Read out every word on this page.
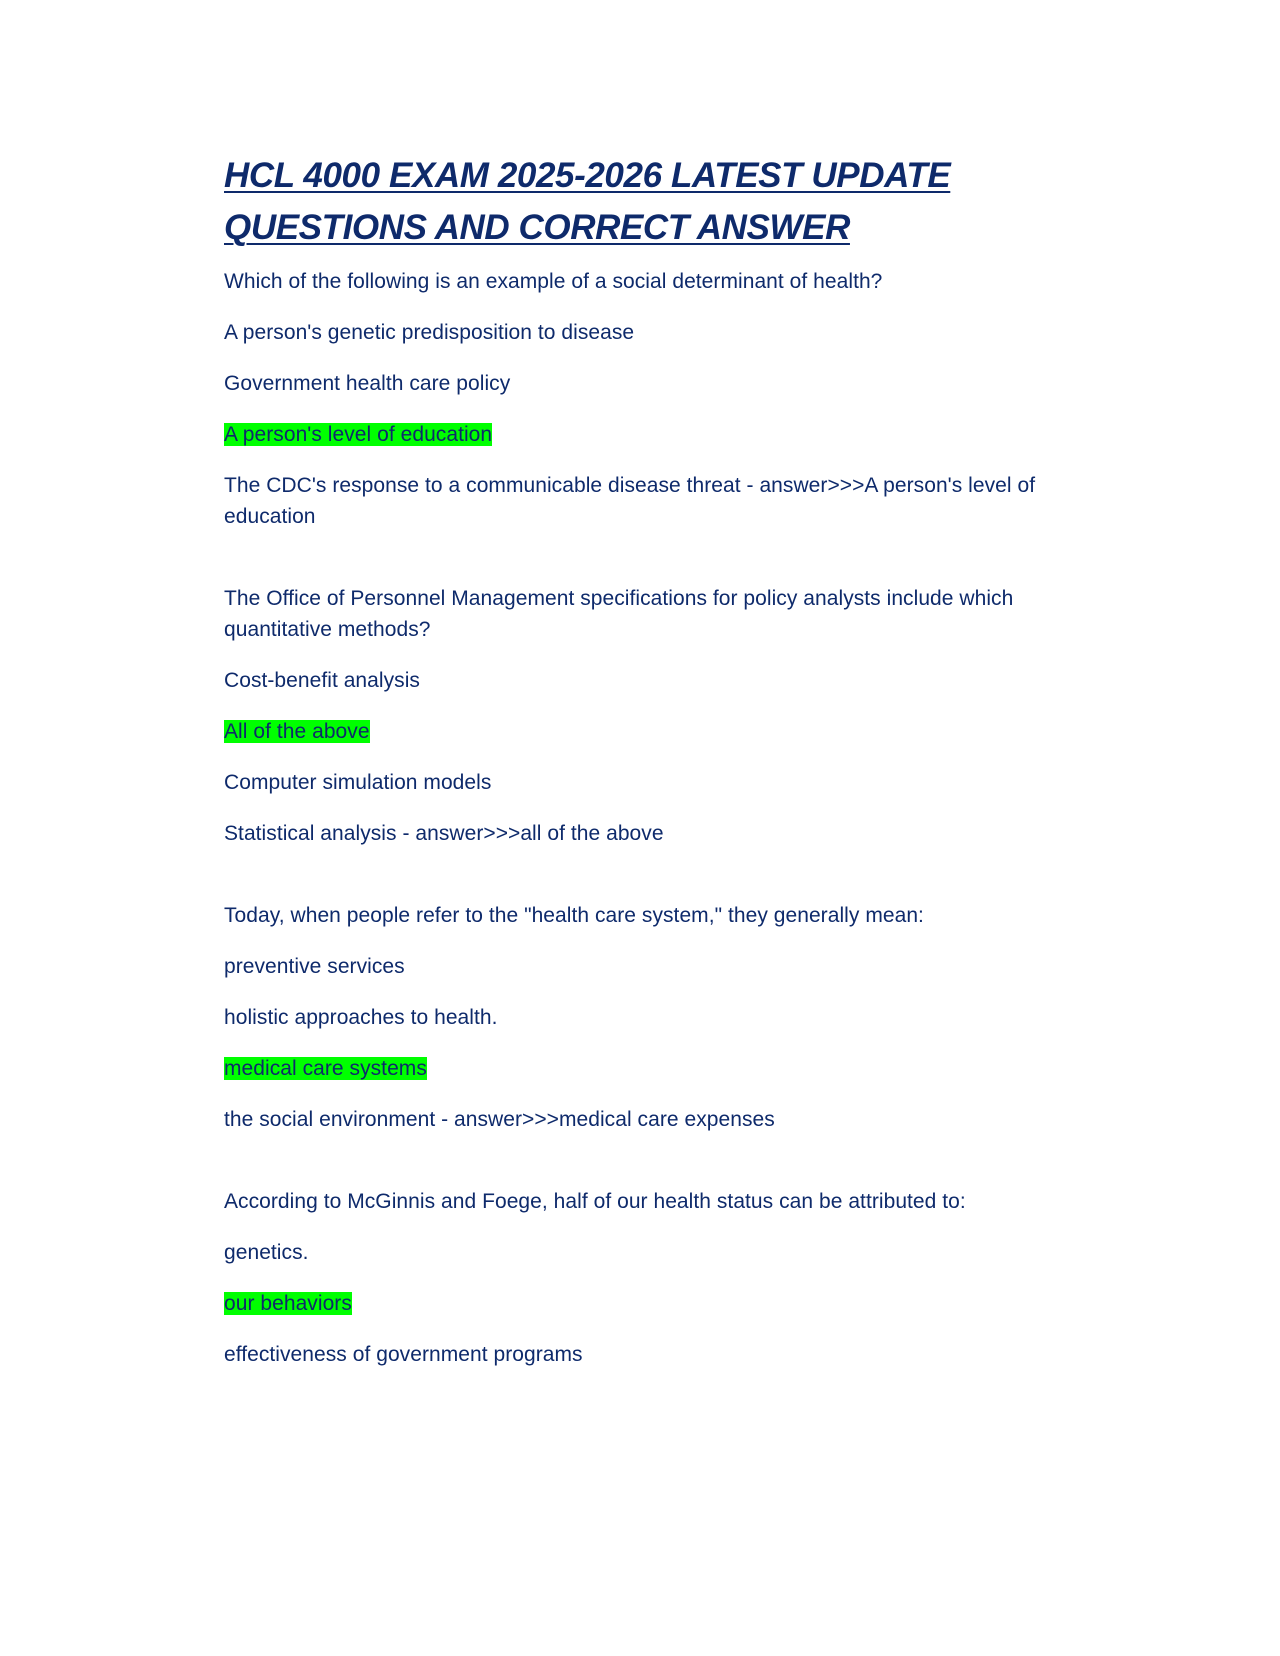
HCL 4000 EXAM 2025-2026 LATEST UPDATE QUESTIONS AND CORRECT ANSWER

Which of the following is an example of a social determinant of health?

A person's genetic predisposition to disease

Government health care policy

A person's level of education

The CDC's response to a communicable disease threat - answer>>>A person's level of education

The Office of Personnel Management specifications for policy analysts include which quantitative methods?

Cost-benefit analysis

All of the above

Computer simulation models

Statistical analysis - answer>>>all of the above

Today, when people refer to the "health care system," they generally mean:

preventive services

holistic approaches to health.

medical care systems

the social environment - answer>>>medical care expenses

According to McGinnis and Foege, half of our health status can be attributed to:

genetics.

our behaviors

effectiveness of government programs
